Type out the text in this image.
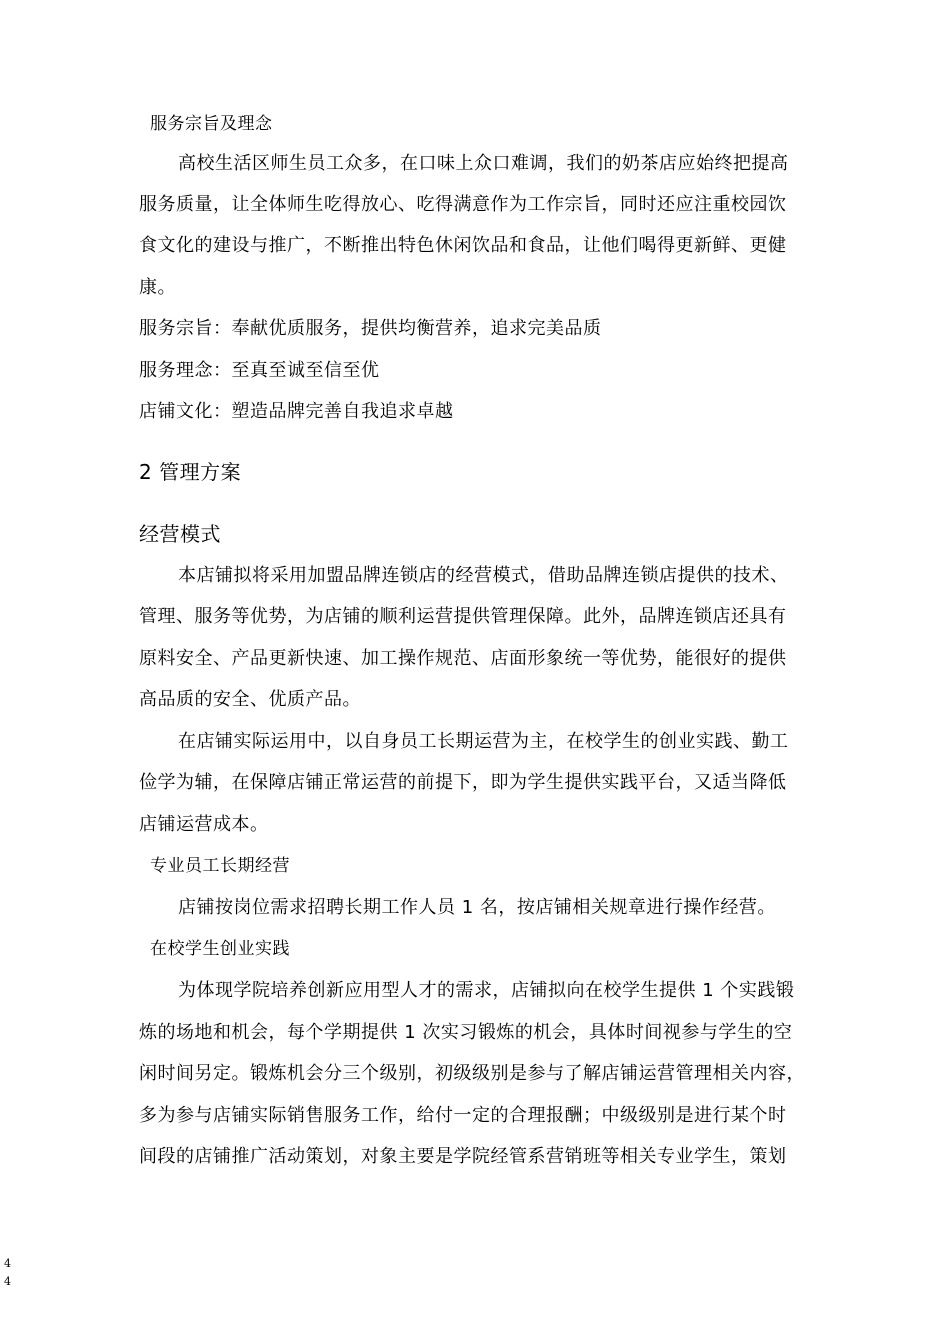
服务宗旨及理念
高校生活区师生员工众多，在口味上众口难调，我们的奶茶店应始终把提高
服务质量，让全体师生吃得放心、吃得满意作为工作宗旨，同时还应注重校园饮
食文化的建设与推广，不断推出特色休闲饮品和食品，让他们喝得更新鲜、更健
康。
服务宗旨：奉献优质服务，提供均衡营养，追求完美品质
服务理念：至真至诚至信至优
店铺文化：塑造品牌完善自我追求卓越
2 管理方案
经营模式
本店铺拟将采用加盟品牌连锁店的经营模式，借助品牌连锁店提供的技术、
管理、服务等优势，为店铺的顺利运营提供管理保障。此外，品牌连锁店还具有
原料安全、产品更新快速、加工操作规范、店面形象统一等优势，能很好的提供
高品质的安全、优质产品。
在店铺实际运用中，以自身员工长期运营为主，在校学生的创业实践、勤工
俭学为辅，在保障店铺正常运营的前提下，即为学生提供实践平台，又适当降低
店铺运营成本。
专业员工长期经营
店铺按岗位需求招聘长期工作人员 1 名，按店铺相关规章进行操作经营。
在校学生创业实践
为体现学院培养创新应用型人才的需求，店铺拟向在校学生提供 1 个实践锻
炼的场地和机会，每个学期提供 1 次实习锻炼的机会，具体时间视参与学生的空
闲时间另定。锻炼机会分三个级别，初级级别是参与了解店铺运营管理相关内容，
多为参与店铺实际销售服务工作，给付一定的合理报酬；中级级别是进行某个时
间段的店铺推广活动策划，对象主要是学院经管系营销班等相关专业学生，策划
4
4
